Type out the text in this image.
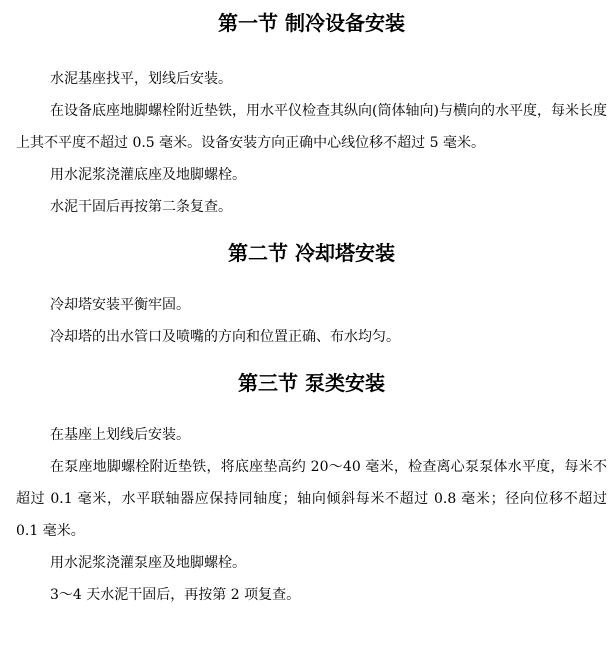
第一节 制冷设备安装

水泥基座找平，划线后安装。

在设备底座地脚螺栓附近垫铁，用水平仪检查其纵向(筒体轴向)与横向的水平度，每米长度上其不平度不超过 0.5 毫米。设备安装方向正确中心线位移不超过 5 毫米。

用水泥浆浇灌底座及地脚螺栓。

水泥干固后再按第二条复查。

第二节 冷却塔安装

冷却塔安装平衡牢固。

冷却塔的出水管口及喷嘴的方向和位置正确、布水均匀。

第三节 泵类安装

在基座上划线后安装。

在泵座地脚螺栓附近垫铁，将底座垫高约 20～40 毫米，检查离心泵泵体水平度，每米不超过 0.1 毫米，水平联轴器应保持同轴度；轴向倾斜每米不超过 0.8 毫米；径向位移不超过 0.1 毫米。

用水泥浆浇灌泵座及地脚螺栓。

3～4 天水泥干固后，再按第 2 项复查。
